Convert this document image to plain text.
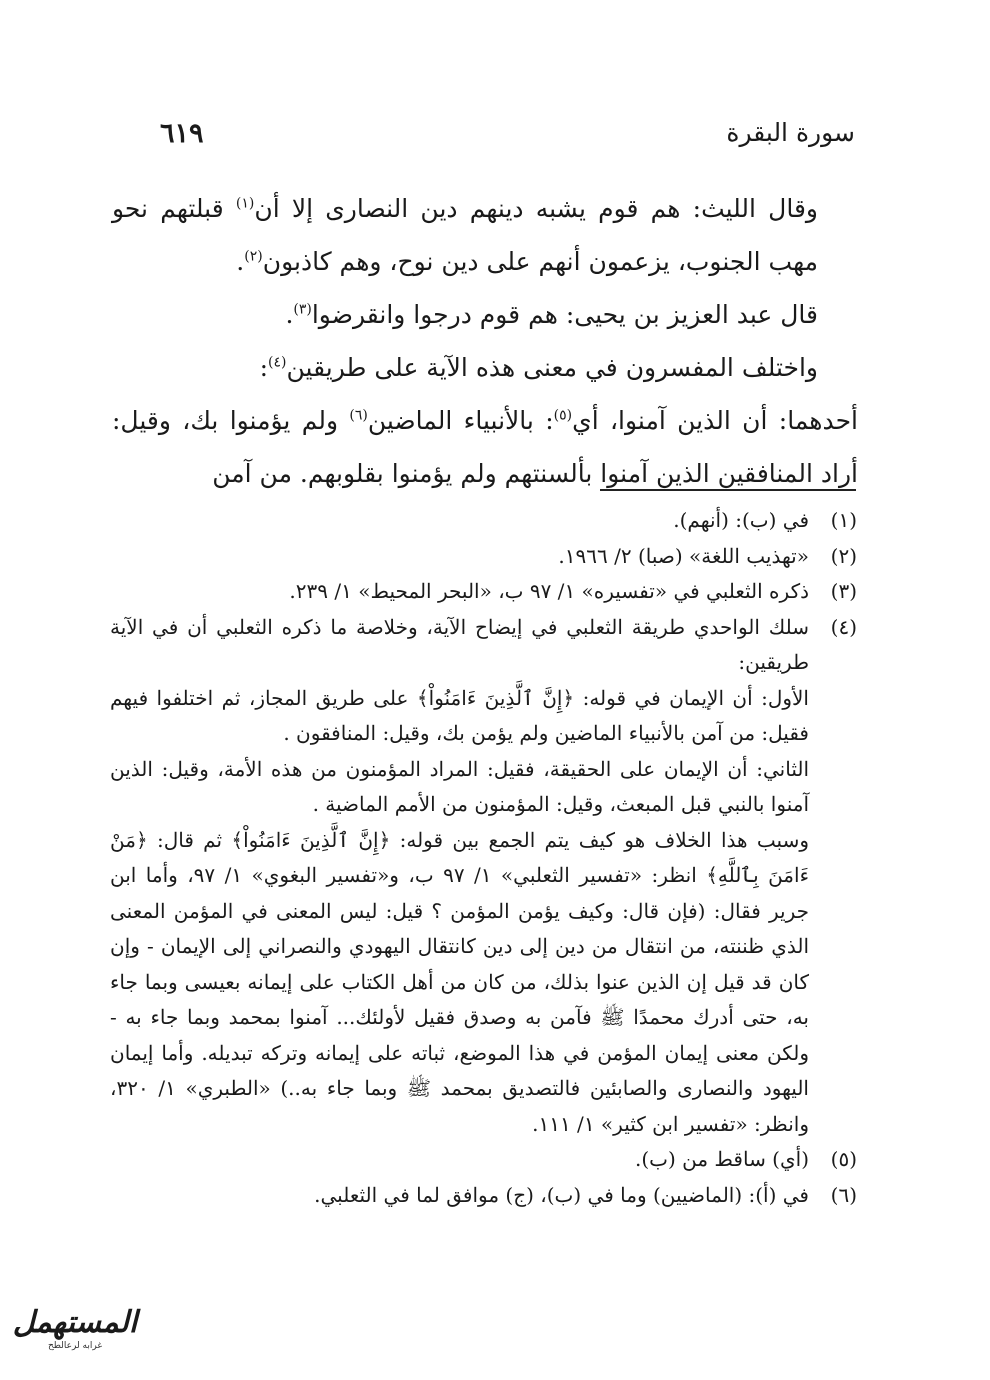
٦١٩	سورة البقرة

وقال الليث: هم قوم يشبه دينهم دين النصارى إلا أن$^{(١)}$ قبلتهم نحو مهب الجنوب، يزعمون أنهم على دين نوح، وهم كاذبون$^{(٢)}$.

قال عبد العزيز بن يحيى: هم قوم درجوا وانقرضوا$^{(٣)}$.

واختلف المفسرون في معنى هذه الآية على طريقين$^{(٤)}$:

أحدهما: أن الذين آمنوا، أي$^{(٥)}$: بالأنبياء الماضين$^{(٦)}$ ولم يؤمنوا بك، وقيل: أراد المنافقين الذين آمنوا بألسنتهم ولم يؤمنوا بقلوبهم. من آمن

(١)

في (ب): (أنهم).

(٢)

«تهذيب اللغة» (صبا) ٢/ ١٩٦٦.

(٣)

ذكره الثعلبي في «تفسيره» ١/ ٩٧ ب، «البحر المحيط» ١/ ٢٣٩.

(٤)

سلك الواحدي طريقة الثعلبي في إيضاح الآية، وخلاصة ما ذكره الثعلبي أن في الآية طريقين:

الأول: أن الإيمان في قوله: ﴿إِنَّ ٱلَّذِينَ ءَامَنُواْ﴾ على طريق المجاز، ثم اختلفوا فيهم فقيل: من آمن بالأنبياء الماضين ولم يؤمن بك، وقيل: المنافقون .

الثاني: أن الإيمان على الحقيقة، فقيل: المراد المؤمنون من هذه الأمة، وقيل: الذين آمنوا بالنبي قبل المبعث، وقيل: المؤمنون من الأمم الماضية .

وسبب هذا الخلاف هو كيف يتم الجمع بين قوله: ﴿إِنَّ ٱلَّذِينَ ءَامَنُواْ﴾ ثم قال: ﴿مَنْ ءَامَنَ بِٱللَّهِ﴾ انظر: «تفسير الثعلبي» ١/ ٩٧ ب، و«تفسير البغوي» ١/ ٩٧، وأما ابن جرير فقال: (فإن قال: وكيف يؤمن المؤمن ؟ قيل: ليس المعنى في المؤمن المعنى الذي ظننته، من انتقال من دين إلى دين كانتقال اليهودي والنصراني إلى الإيمان - وإن كان قد قيل إن الذين عنوا بذلك، من كان من أهل الكتاب على إيمانه بعيسى وبما جاء به، حتى أدرك محمدًا ﷺ فآمن به وصدق فقيل لأولئك... آمنوا بمحمد وبما جاء به - ولكن معنى إيمان المؤمن في هذا الموضع، ثباته على إيمانه وتركه تبديله. وأما إيمان اليهود والنصارى والصابئين فالتصديق بمحمد ﷺ وبما جاء به..) «الطبري» ١/ ٣٢٠، وانظر: «تفسير ابن كثير» ١/ ١١١.

(٥)

(أي) ساقط من (ب).

(٦)

في (أ): (الماضيين) وما في (ب)، (ج) موافق لما في الثعلبي.

المستهمل
غرابه لرعالطح
